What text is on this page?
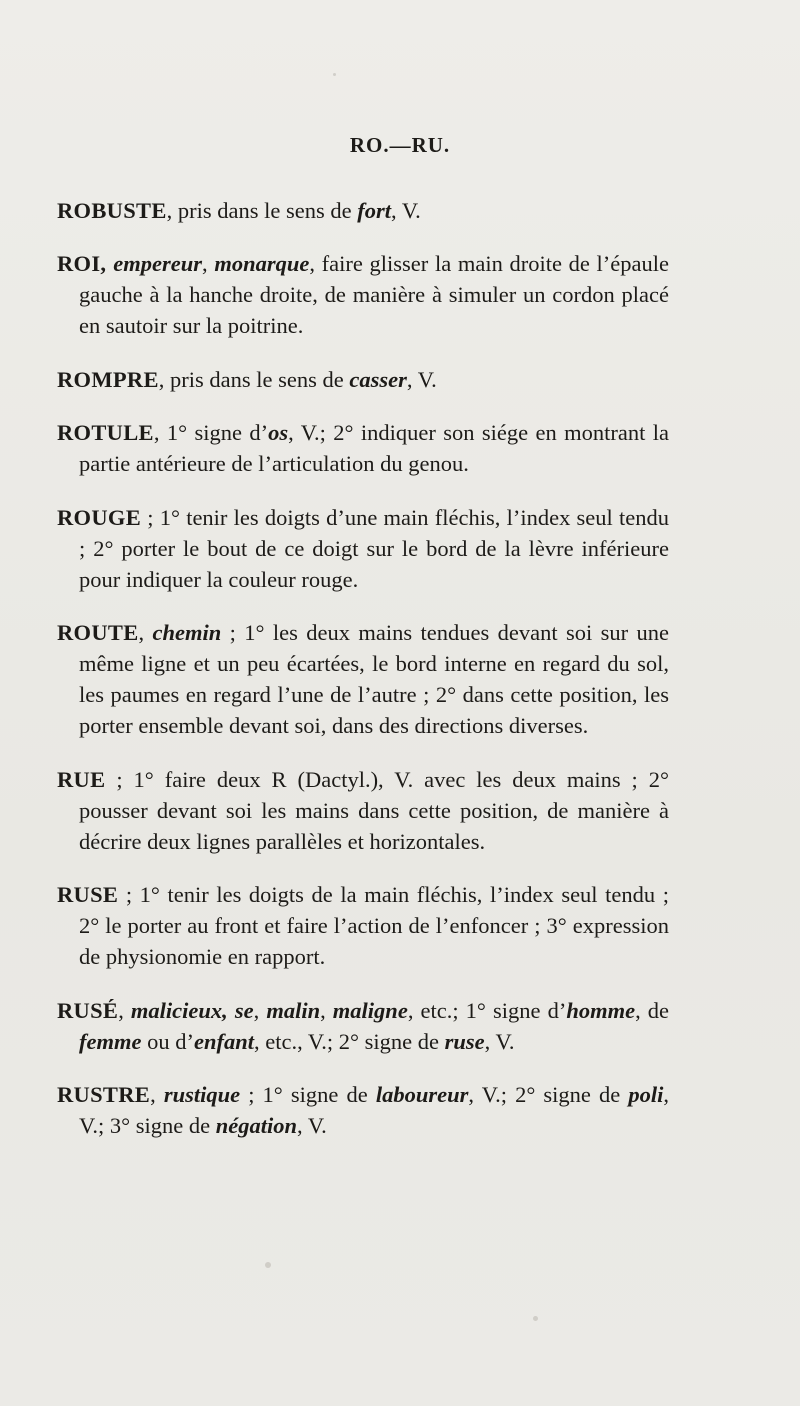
RO.—RU.

ROBUSTE, pris dans le sens de fort, V.

ROI, empereur, monarque, faire glisser la main droite de l’épaule gauche à la hanche droite, de manière à simuler un cordon placé en sautoir sur la poitrine.

ROMPRE, pris dans le sens de casser, V.

ROTULE, 1° signe d’os, V.; 2° indiquer son siége en montrant la partie antérieure de l’articulation du genou.

ROUGE ; 1° tenir les doigts d’une main fléchis, l’index seul tendu ; 2° porter le bout de ce doigt sur le bord de la lèvre inférieure pour indiquer la couleur rouge.

ROUTE, chemin ; 1° les deux mains tendues devant soi sur une même ligne et un peu écartées, le bord interne en regard du sol, les paumes en regard l’une de l’autre ; 2° dans cette position, les porter ensemble devant soi, dans des directions diverses.

RUE ; 1° faire deux R (Dactyl.), V. avec les deux mains ; 2° pousser devant soi les mains dans cette position, de manière à décrire deux lignes parallèles et horizontales.

RUSE ; 1° tenir les doigts de la main fléchis, l’index seul tendu ; 2° le porter au front et faire l’action de l’enfoncer ; 3° expression de physionomie en rapport.

RUSÉ, malicieux, se, malin, maligne, etc.; 1° signe d’homme, de femme ou d’enfant, etc., V.; 2° signe de ruse, V.

RUSTRE, rustique ; 1° signe de laboureur, V.; 2° signe de poli, V.; 3° signe de négation, V.
